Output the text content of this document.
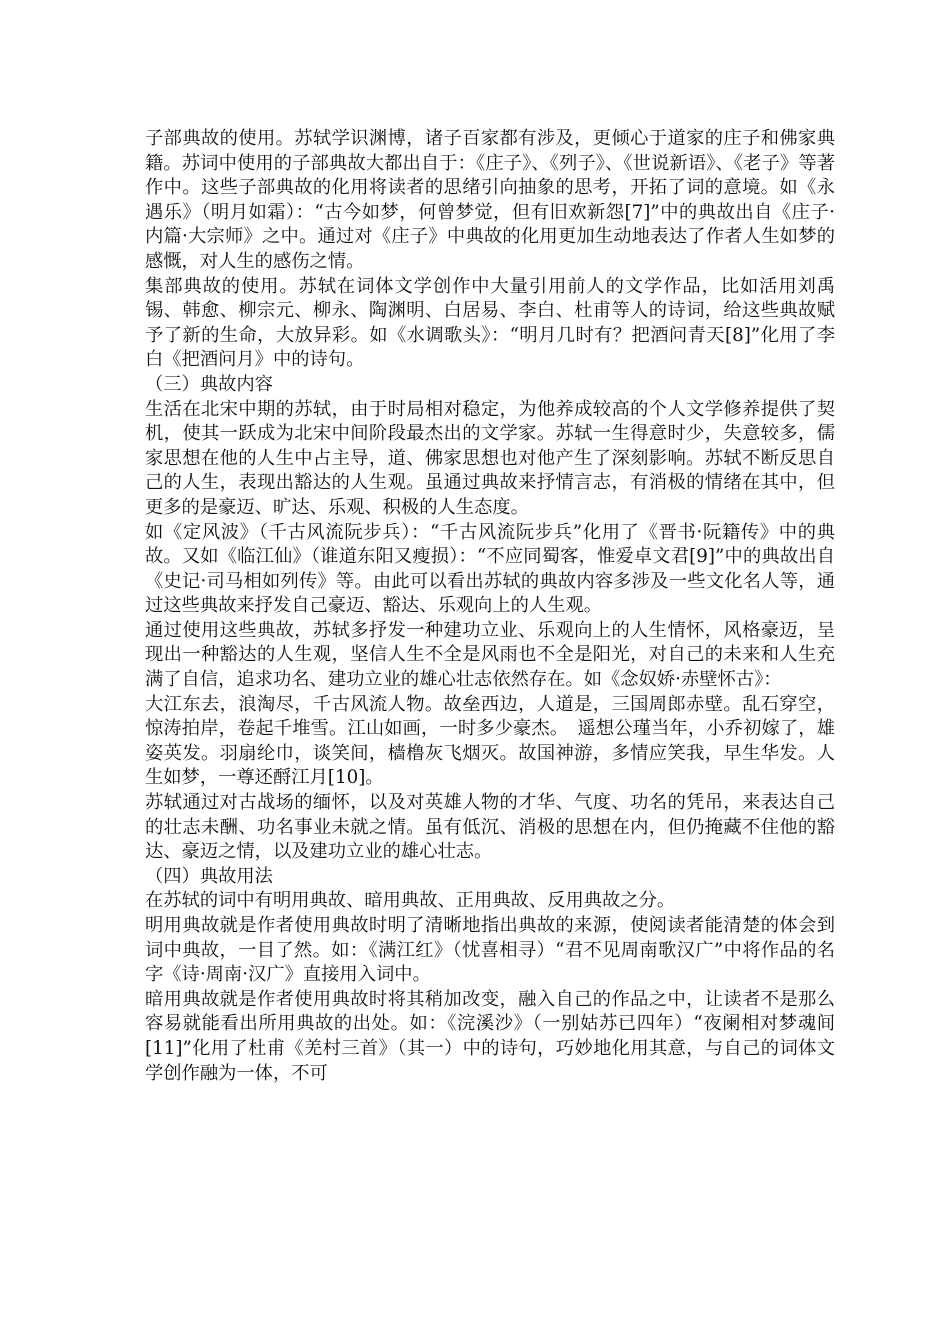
子部典故的使用。苏轼学识渊博，诸子百家都有涉及，更倾心于道家的庄子和佛家典籍。苏词中使用的子部典故大都出自于：《庄子》、《列子》、《世说新语》、《老子》等著作中。这些子部典故的化用将读者的思绪引向抽象的思考，开拓了词的意境。如《永遇乐》（明月如霜）：“古今如梦，何曾梦觉，但有旧欢新怨[7]”中的典故出自《庄子·内篇·大宗师》之中。通过对《庄子》中典故的化用更加生动地表达了作者人生如梦的感慨，对人生的感伤之情。

集部典故的使用。苏轼在词体文学创作中大量引用前人的文学作品，比如活用刘禹锡、韩愈、柳宗元、柳永、陶渊明、白居易、李白、杜甫等人的诗词，给这些典故赋予了新的生命，大放异彩。如《水调歌头》：“明月几时有？把酒问青天[8]”化用了李白《把酒问月》中的诗句。

（三）典故内容

生活在北宋中期的苏轼，由于时局相对稳定，为他养成较高的个人文学修养提供了契机，使其一跃成为北宋中间阶段最杰出的文学家。苏轼一生得意时少，失意较多，儒家思想在他的人生中占主导，道、佛家思想也对他产生了深刻影响。苏轼不断反思自己的人生，表现出豁达的人生观。虽通过典故来抒情言志，有消极的情绪在其中，但更多的是豪迈、旷达、乐观、积极的人生态度。

如《定风波》（千古风流阮步兵）：“千古风流阮步兵”化用了《晋书·阮籍传》中的典故。又如《临江仙》（谁道东阳又瘦损）：“不应同蜀客，惟爱卓文君[9]”中的典故出自《史记·司马相如列传》等。由此可以看出苏轼的典故内容多涉及一些文化名人等，通过这些典故来抒发自己豪迈、豁达、乐观向上的人生观。

通过使用这些典故，苏轼多抒发一种建功立业、乐观向上的人生情怀，风格豪迈，呈现出一种豁达的人生观，坚信人生不全是风雨也不全是阳光，对自己的未来和人生充满了自信，追求功名、建功立业的雄心壮志依然存在。如《念奴娇·赤壁怀古》：

大江东去，浪淘尽，千古风流人物。故垒西边，人道是，三国周郎赤壁。乱石穿空，惊涛拍岸，卷起千堆雪。江山如画，一时多少豪杰。　遥想公瑾当年，小乔初嫁了，雄姿英发。羽扇纶巾，谈笑间，樯橹灰飞烟灭。故国神游，多情应笑我，早生华发。人生如梦，一尊还酹江月[10]。

苏轼通过对古战场的缅怀，以及对英雄人物的才华、气度、功名的凭吊，来表达自己的壮志未酬、功名事业未就之情。虽有低沉、消极的思想在内，但仍掩藏不住他的豁达、豪迈之情，以及建功立业的雄心壮志。

（四）典故用法

在苏轼的词中有明用典故、暗用典故、正用典故、反用典故之分。

明用典故就是作者使用典故时明了清晰地指出典故的来源，使阅读者能清楚的体会到词中典故，一目了然。如：《满江红》（忧喜相寻）“君不见周南歌汉广”中将作品的名字《诗·周南·汉广》直接用入词中。

暗用典故就是作者使用典故时将其稍加改变，融入自己的作品之中，让读者不是那么容易就能看出所用典故的出处。如：《浣溪沙》（一别姑苏已四年）“夜阑相对梦魂间[11]”化用了杜甫《羌村三首》（其一）中的诗句，巧妙地化用其意，与自己的词体文学创作融为一体，不可
